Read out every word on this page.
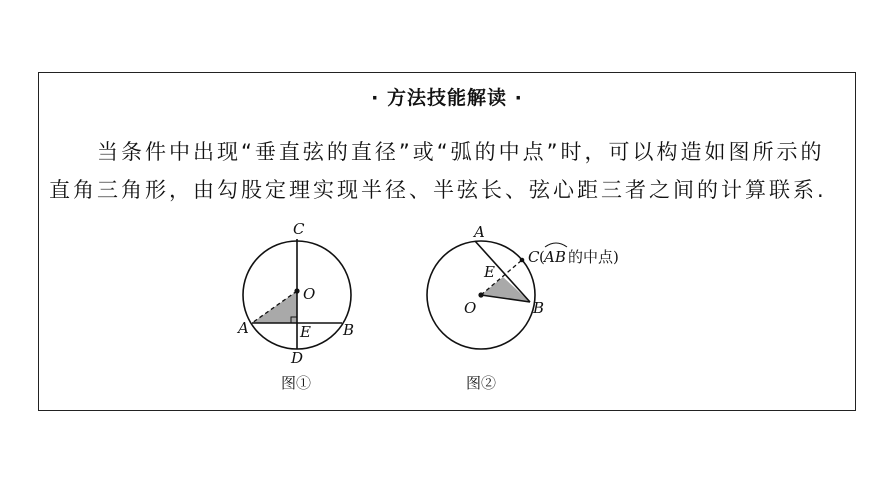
· 方法技能解读 ·
当条件中出现“垂直弦的直径”或“弧的中点”时，可以构造如图所示的直角三角形，由勾股定理实现半径、半弦长、弦心距三者之间的计算联系.
C
O
A	E B
D
图①
A
E
C ( AB 的中点)
O	B
图②
